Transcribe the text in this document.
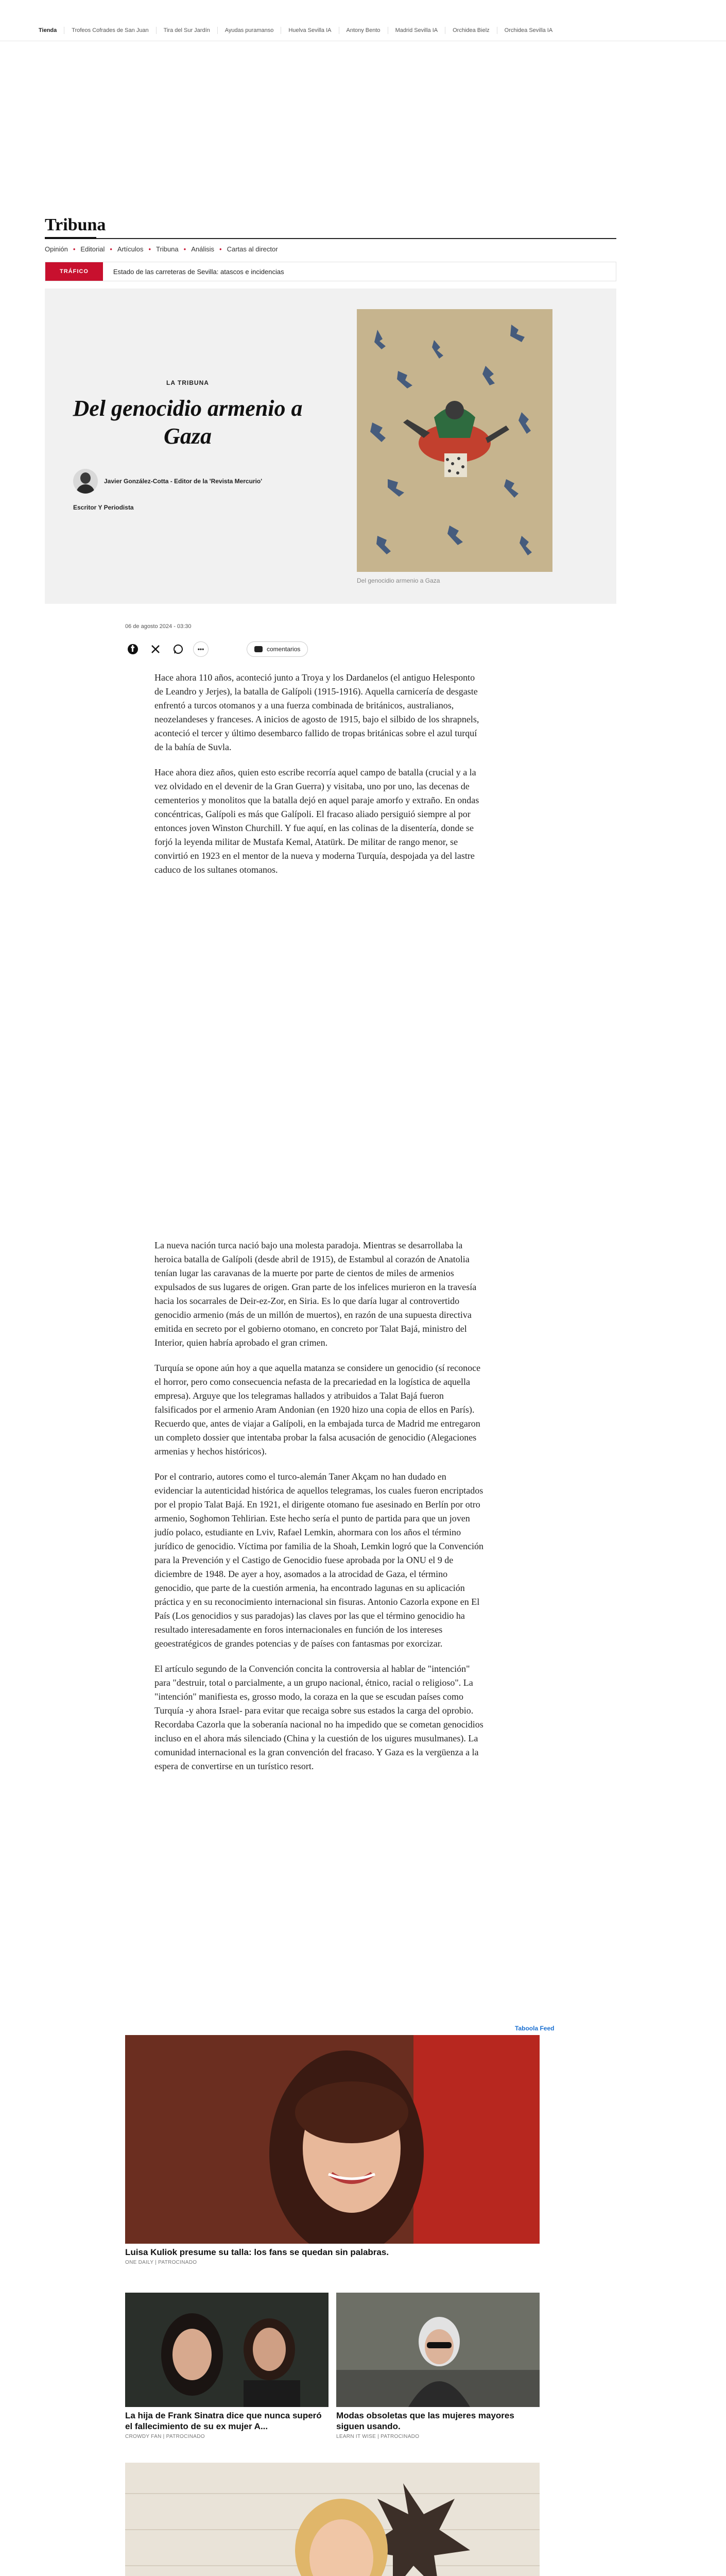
Tienda	Trofeos Cofrades de San Juan	Tira del Sur Jardín	Ayudas puramanso	Huelva Sevilla IA	Antony Bento	Madrid Sevilla IA	Orchidea Bielz	Orchidea Sevilla IA
Tribuna
Opinión • Editorial • Artículos • Tribuna • Análisis • Cartas al director
TRÁFICO	Estado de las carreteras de Sevilla: atascos e incidencias
LA TRIBUNA
Del genocidio armenio a Gaza
Javier González-Cotta - Editor de la 'Revista Mercurio'
Escritor Y Periodista
Del genocidio armenio a Gaza
06 de agosto 2024 - 03:30
•••	comentarios

Hace ahora 110 años, aconteció junto a Troya y los Dardanelos (el antiguo Helesponto de Leandro y Jerjes), la batalla de Galípoli (1915-1916). Aquella carnicería de desgaste enfrentó a turcos otomanos y a una fuerza combinada de británicos, australianos, neozelandeses y franceses. A inicios de agosto de 1915, bajo el silbido de los shrapnels, aconteció el tercer y último desembarco fallido de tropas británicas sobre el azul turquí de la bahía de Suvla.

Hace ahora diez años, quien esto escribe recorría aquel campo de batalla (crucial y a la vez olvidado en el devenir de la Gran Guerra) y visitaba, uno por uno, las decenas de cementerios y monolitos que la batalla dejó en aquel paraje amorfo y extraño. En ondas concéntricas, Galípoli es más que Galípoli. El fracaso aliado persiguió siempre al por entonces joven Winston Churchill. Y fue aquí, en las colinas de la disentería, donde se forjó la leyenda militar de Mustafa Kemal, Atatürk. De militar de rango menor, se convirtió en 1923 en el mentor de la nueva y moderna Turquía, despojada ya del lastre caduco de los sultanes otomanos.

La nueva nación turca nació bajo una molesta paradoja. Mientras se desarrollaba la heroica batalla de Galípoli (desde abril de 1915), de Estambul al corazón de Anatolia tenían lugar las caravanas de la muerte por parte de cientos de miles de armenios expulsados de sus lugares de origen. Gran parte de los infelices murieron en la travesía hacia los socarrales de Deir-ez-Zor, en Siria. Es lo que daría lugar al controvertido genocidio armenio (más de un millón de muertos), en razón de una supuesta directiva emitida en secreto por el gobierno otomano, en concreto por Talat Bajá, ministro del Interior, quien habría aprobado el gran crimen.

Turquía se opone aún hoy a que aquella matanza se considere un genocidio (sí reconoce el horror, pero como consecuencia nefasta de la precariedad en la logística de aquella empresa). Arguye que los telegramas hallados y atribuidos a Talat Bajá fueron falsificados por el armenio Aram Andonian (en 1920 hizo una copia de ellos en París). Recuerdo que, antes de viajar a Galípoli, en la embajada turca de Madrid me entregaron un completo dossier que intentaba probar la falsa acusación de genocidio (Alegaciones armenias y hechos históricos).

Por el contrario, autores como el turco-alemán Taner Akçam no han dudado en evidenciar la autenticidad histórica de aquellos telegramas, los cuales fueron encriptados por el propio Talat Bajá. En 1921, el dirigente otomano fue asesinado en Berlín por otro armenio, Soghomon Tehlirian. Este hecho sería el punto de partida para que un joven judío polaco, estudiante en Lviv, Rafael Lemkin, ahormara con los años el término jurídico de genocidio. Víctima por familia de la Shoah, Lemkin logró que la Convención para la Prevención y el Castigo de Genocidio fuese aprobada por la ONU el 9 de diciembre de 1948. De ayer a hoy, asomados a la atrocidad de Gaza, el término genocidio, que parte de la cuestión armenia, ha encontrado lagunas en su aplicación práctica y en su reconocimiento internacional sin fisuras. Antonio Cazorla expone en El País (Los genocidios y sus paradojas) las claves por las que el término genocidio ha resultado interesadamente en foros internacionales en función de los intereses geoestratégicos de grandes potencias y de países con fantasmas por exorcizar.

El artículo segundo de la Convención concita la controversia al hablar de "intención" para "destruir, total o parcialmente, a un grupo nacional, étnico, racial o religioso". La "intención" manifiesta es, grosso modo, la coraza en la que se escudan países como Turquía -y ahora Israel- para evitar que recaiga sobre sus estados la carga del oprobio. Recordaba Cazorla que la soberanía nacional no ha impedido que se cometan genocidios incluso en el ahora más silenciado (China y la cuestión de los uigures musulmanes). La comunidad internacional es la gran convención del fracaso. Y Gaza es la vergüenza a la espera de convertirse en un turístico resort.

Taboola Feed
Luisa Kuliok presume su talla: los fans se quedan sin palabras.
ONE DAILY | PATROCINADO
La hija de Frank Sinatra dice que nunca superó el fallecimiento de su ex mujer A...
CROWDY FAN | PATROCINADO
Modas obsoletas que las mujeres mayores siguen usando.
LEARN IT WISE | PATROCINADO
